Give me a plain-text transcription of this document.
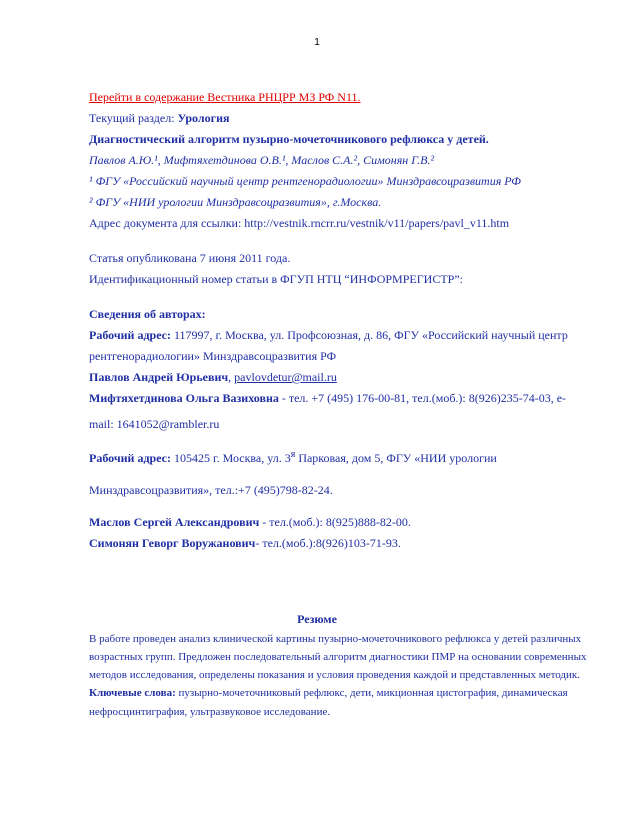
1
Перейти в содержание Вестника РНЦРР МЗ РФ N11.
Текущий раздел: Урология
Диагностический алгоритм пузырно-мочеточникового рефлюкса у детей.
Павлов А.Ю.¹, Мифтяхетдинова О.В.¹, Маслов С.А.², Симонян Г.В.²
¹ ФГУ «Российский научный центр рентгенорадиологии» Минздравсоцразвития РФ
² ФГУ «НИИ урологии Минздравсоцразвития», г.Москва.
Адрес документа для ссылки: http://vestnik.rncrr.ru/vestnik/v11/papers/pavl_v11.htm
Статья опубликована 7 июня 2011 года.
Идентификационный номер статьи в ФГУП НТЦ “ИНФОРМРЕГИСТР”:
Сведения об авторах:
Рабочий адрес: 117997, г. Москва, ул. Профсоюзная, д. 86, ФГУ «Российский научный центр
рентгенорадиологии» Минздравсоцразвития РФ
Павлов Андрей Юрьевич, pavlovdetur@mail.ru
Мифтяхетдинова Ольга Вазиховна - тел. +7 (495) 176-00-81, тел.(моб.): 8(926)235-74-03, e-
mail: 1641052@rambler.ru
Рабочий адрес: 105425 г. Москва, ул. $3^я$ Парковая, дом 5, ФГУ «НИИ урологии
Минздравсоцразвития», тел.:+7 (495)798-82-24.
Маслов Сергей Александрович - тел.(моб.): 8(925)888-82-00.
Симонян Геворг Воружанович- тел.(моб.):8(926)103-71-93.
Резюме
В работе проведен анализ клинической картины пузырно-мочеточникового рефлюкса у детей различных возрастных групп. Предложен последовательный алгоритм диагностики ПМР на основании современных методов исследования, определены показания и условия проведения каждой и представленных методик.
Ключевые слова: пузырно-мочеточниковый рефлюкс, дети, микционная цистография, динамическая нефросцинтиграфия, ультразвуковое исследование.
